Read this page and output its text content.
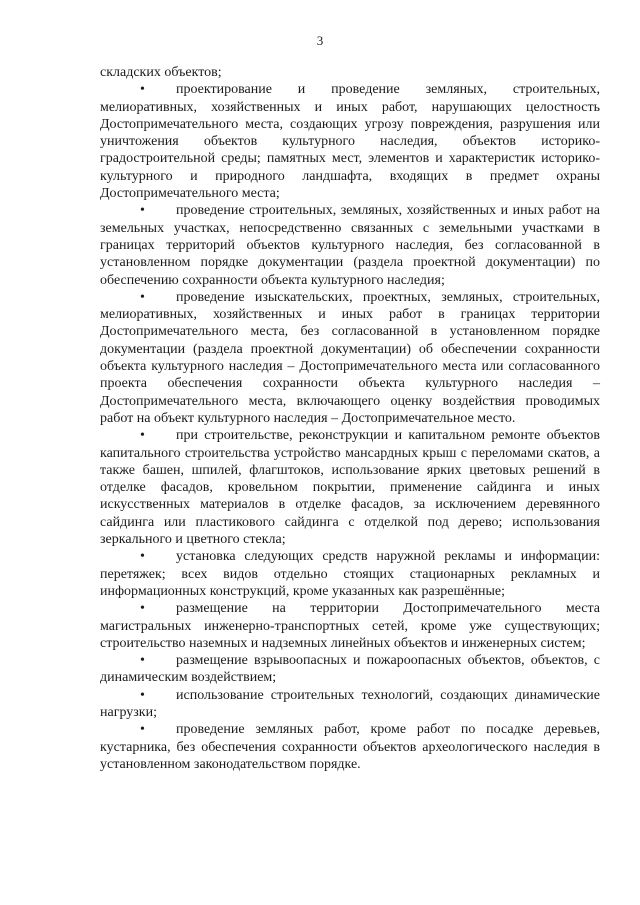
3

складских объектов;

• проектирование и проведение земляных, строительных, мелиоративных, хозяйственных и иных работ, нарушающих целостность Достопримечательного места, создающих угрозу повреждения, разрушения или уничтожения объектов культурного наследия, объектов историко-градостроительной среды; памятных мест, элементов и характеристик историко-культурного и природного ландшафта, входящих в предмет охраны Достопримечательного места;

• проведение строительных, земляных, хозяйственных и иных работ на земельных участках, непосредственно связанных с земельными участками в границах территорий объектов культурного наследия, без согласованной в установленном порядке документации (раздела проектной документации) по обеспечению сохранности объекта культурного наследия;

• проведение изыскательских, проектных, земляных, строительных, мелиоративных, хозяйственных и иных работ в границах территории Достопримечательного места, без согласованной в установленном порядке документации (раздела проектной документации) об обеспечении сохранности объекта культурного наследия – Достопримечательного места или согласованного проекта обеспечения сохранности объекта культурного наследия – Достопримечательного места, включающего оценку воздействия проводимых работ на объект культурного наследия – Достопримечательное место.

• при строительстве, реконструкции и капитальном ремонте объектов капитального строительства устройство мансардных крыш с переломами скатов, а также башен, шпилей, флагштоков, использование ярких цветовых решений в отделке фасадов, кровельном покрытии, применение сайдинга и иных искусственных материалов в отделке фасадов, за исключением деревянного сайдинга или пластикового сайдинга с отделкой под дерево; использования зеркального и цветного стекла;

• установка следующих средств наружной рекламы и информации: перетяжек; всех видов отдельно стоящих стационарных рекламных и информационных конструкций, кроме указанных как разрешённые;

• размещение на территории Достопримечательного места магистральных инженерно-транспортных сетей, кроме уже существующих; строительство наземных и надземных линейных объектов и инженерных систем;

• размещение взрывоопасных и пожароопасных объектов, объектов, с динамическим воздействием;

• использование строительных технологий, создающих динамические нагрузки;

• проведение земляных работ, кроме работ по посадке деревьев, кустарника, без обеспечения сохранности объектов археологического наследия в установленном законодательством порядке.
